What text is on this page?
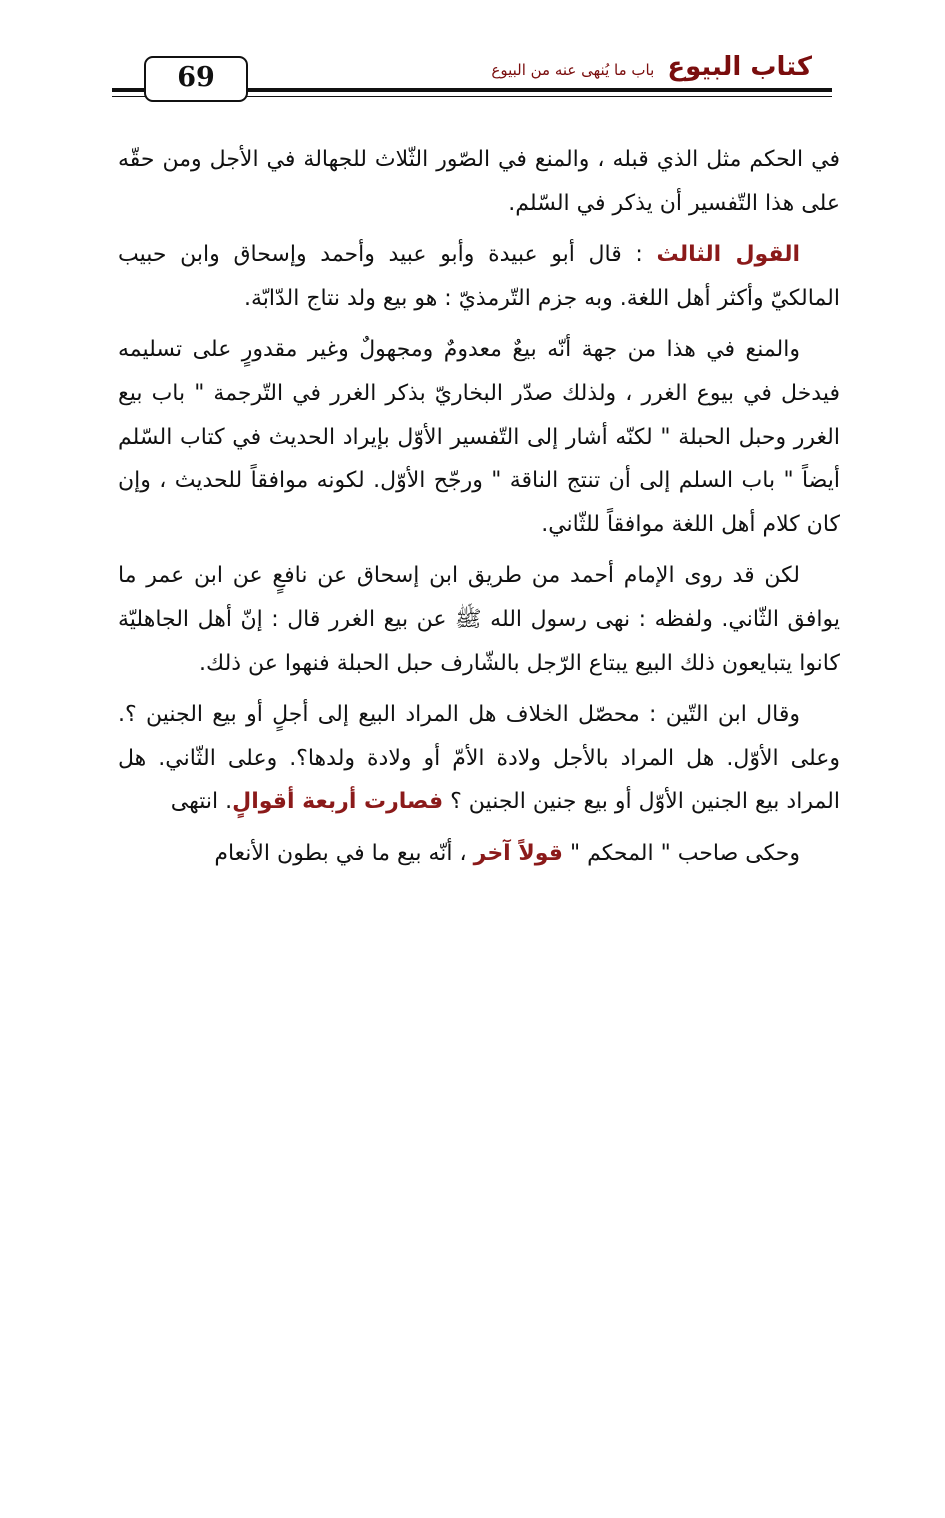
69	كتاب البيوع باب ما يُنهى عنه من البيوع

في الحكم مثل الذي قبله ، والمنع في الصّور الثّلاث للجهالة في الأجل ومن حقّه على هذا التّفسير أن يذكر في السّلم.

القول الثالث : قال أبو عبيدة وأبو عبيد وأحمد وإسحاق وابن حبيب المالكيّ وأكثر أهل اللغة. وبه جزم التّرمذيّ : هو بيع ولد نتاج الدّابّة.

والمنع في هذا من جهة أنّه بيعٌ معدومٌ ومجهولٌ وغير مقدورٍ على تسليمه فيدخل في بيوع الغرر ، ولذلك صدّر البخاريّ بذكر الغرر في التّرجمة " باب بيع الغرر وحبل الحبلة " لكنّه أشار إلى التّفسير الأوّل بإيراد الحديث في كتاب السّلم أيضاً " باب السلم إلى أن تنتج الناقة " ورجّح الأوّل. لكونه موافقاً للحديث ، وإن كان كلام أهل اللغة موافقاً للثّاني.

لكن قد روى الإمام أحمد من طريق ابن إسحاق عن نافعٍ عن ابن عمر ما يوافق الثّاني. ولفظه : نهى رسول الله ﷺ عن بيع الغرر قال : إنّ أهل الجاهليّة كانوا يتبايعون ذلك البيع يبتاع الرّجل بالشّارف حبل الحبلة فنهوا عن ذلك.

وقال ابن التّين : محصّل الخلاف هل المراد البيع إلى أجلٍ أو بيع الجنين ؟. وعلى الأوّل. هل المراد بالأجل ولادة الأمّ أو ولادة ولدها؟. وعلى الثّاني. هل المراد بيع الجنين الأوّل أو بيع جنين الجنين ؟ فصارت أربعة أقوالٍ. انتهى

وحكى صاحب " المحكم " قولاً آخر ، أنّه بيع ما في بطون الأنعام
